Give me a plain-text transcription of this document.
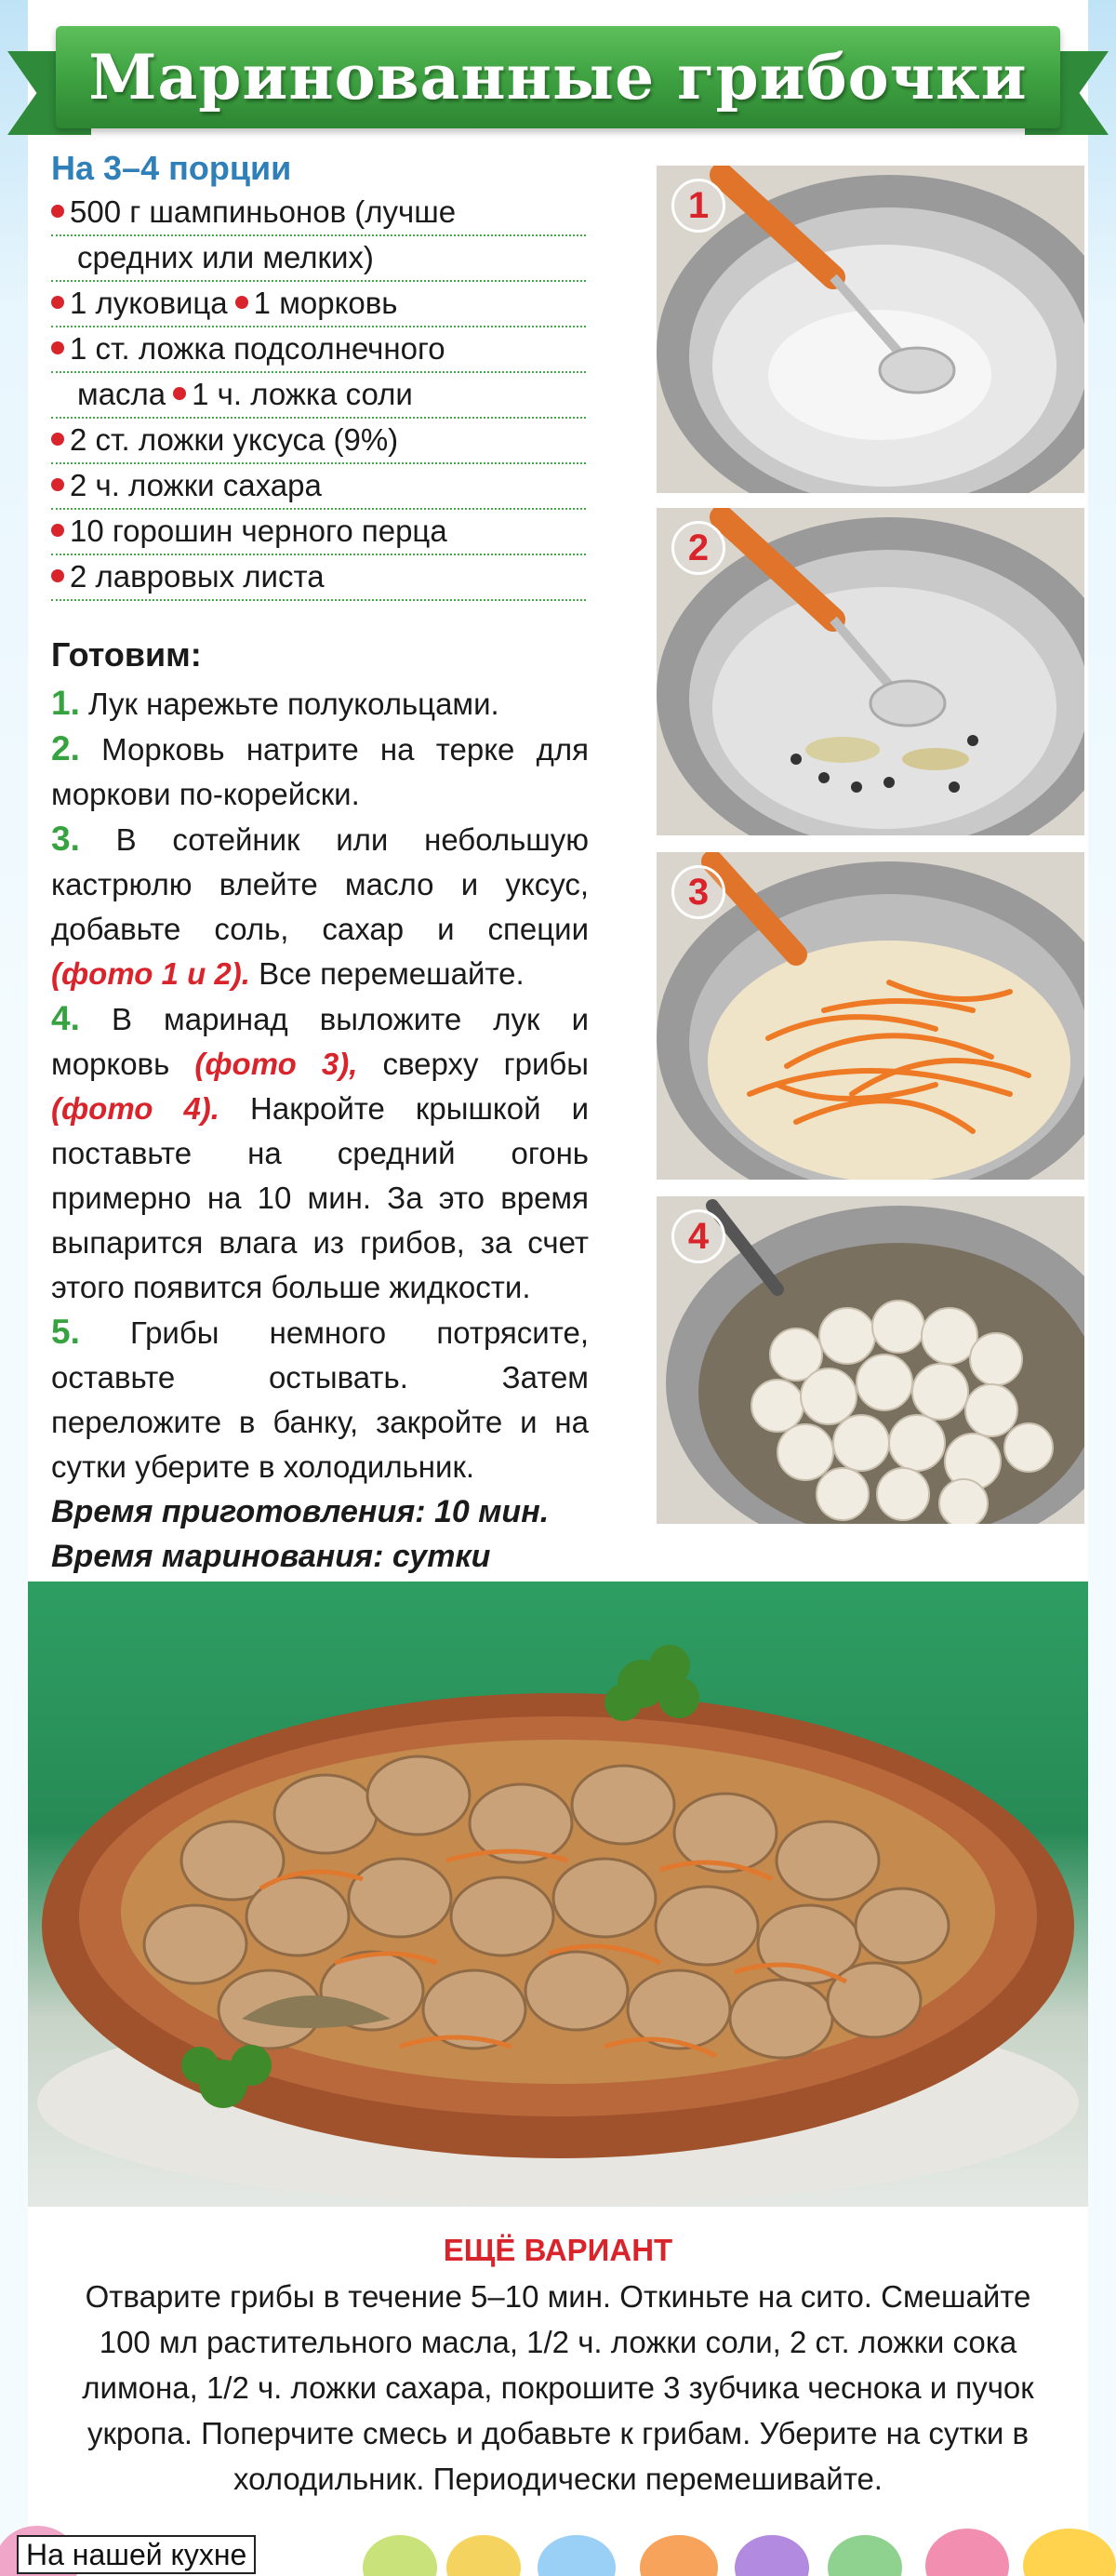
Маринованные грибочки
На 3–4 порции
500 г шампиньонов (лучше
средних или мелких)
1 луковица 1 морковь
1 ст. ложка подсолнечного
масла 1 ч. ложка соли
2 ст. ложки уксуса (9%)
2 ч. ложки сахара
10 горошин черного перца
2 лавровых листа
Готовим:
1. Лук нарежьте полукольцами.
2. Морковь натрите на терке для моркови по-корейски.
3. В сотейник или небольшую кастрюлю влейте масло и уксус, добавьте соль, сахар и специи (фото 1 и 2). Все перемешайте.
4. В маринад выложите лук и морковь (фото 3), сверху грибы (фото 4). Накройте крышкой и поставьте на средний огонь примерно на 10 мин. За это время выпарится влага из грибов, за счет этого появится больше жидкости.
5. Грибы немного потрясите, оставьте остывать. Затем переложите в банку, закройте и на сутки уберите в холодильник.
Время приготовления: 10 мин.
Время маринования: сутки
1
2
3
4
ЕЩЁ ВАРИАНТ
Отварите грибы в течение 5–10 мин. Откиньте на сито. Смешайте 100 мл растительного масла, 1/2 ч. ложки соли, 2 ст. ложки сока лимона, 1/2 ч. ложки сахара, покрошите 3 зубчика чеснока и пучок укропа. Поперчите смесь и добавьте к грибам. Уберите на сутки в холодильник. Периодически перемешивайте.
На нашей кухне
